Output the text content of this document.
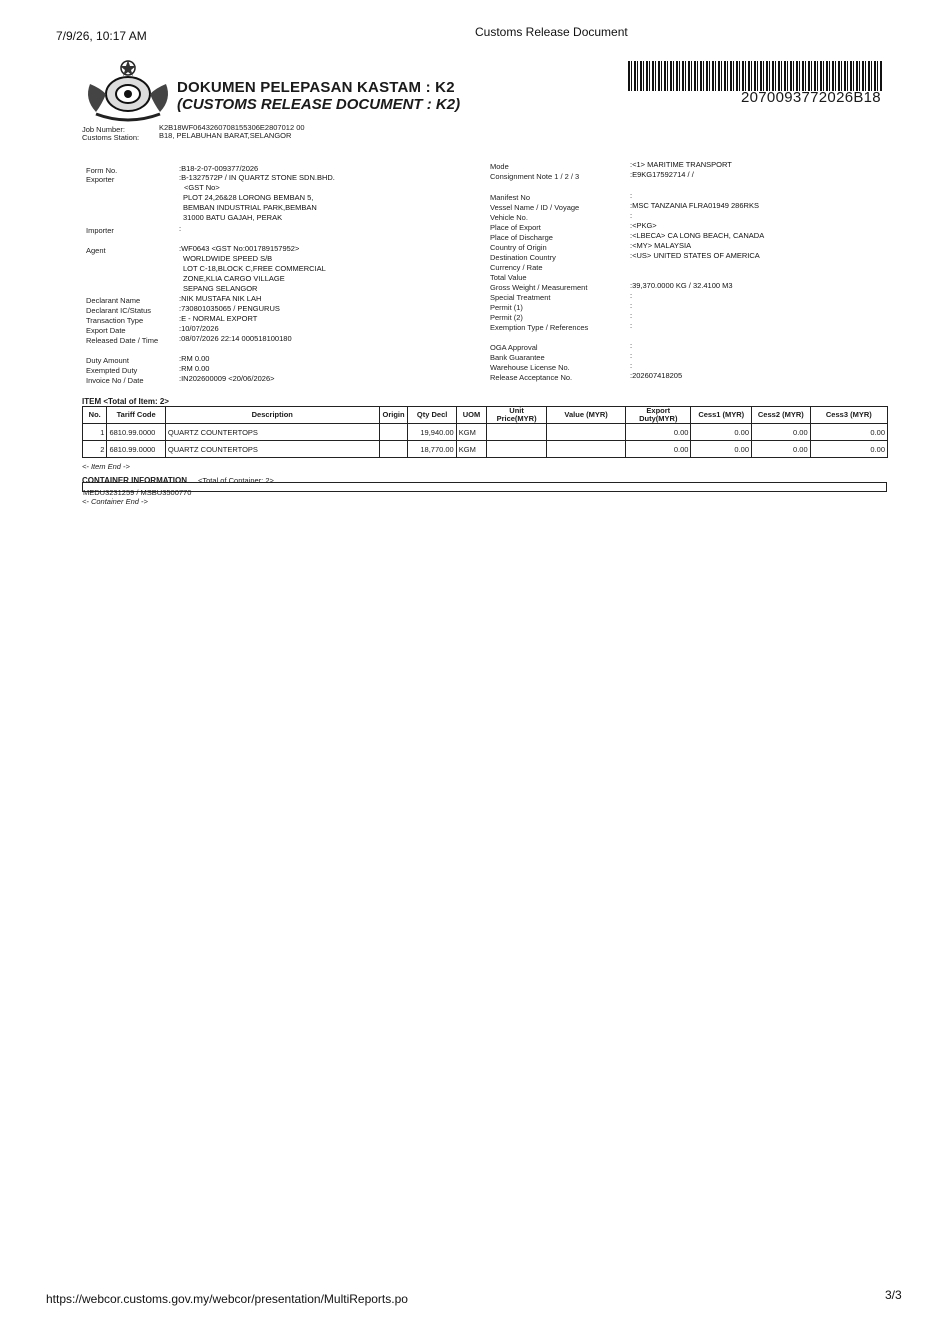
7/9/26, 10:17 AM	Customs Release Document
DOKUMEN PELEPASAN KASTAM : K2
(CUSTOMS RELEASE DOCUMENT : K2)	2070093772026B18
Job Number:	K2B18WF0643260708155306E2807012 00
Customs Station:	B18, PELABUHAN BARAT,SELANGOR
Form No.	:B18-2-07-009377/2026
Exporter	:B-1327572P / IN QUARTZ STONE SDN.BHD.
<GST No>
PLOT 24,26&28 LORONG BEMBAN 5,
BEMBAN INDUSTRIAL PARK,BEMBAN
31000 BATU GAJAH, PERAK
Importer	:
Agent	:WF0643 <GST No:001789157952>
WORLDWIDE SPEED S/B
LOT C-18,BLOCK C,FREE COMMERCIAL
ZONE,KLIA CARGO VILLAGE
SEPANG SELANGOR
Declarant Name	:NIK MUSTAFA NIK LAH
Declarant IC/Status	:730801035065 / PENGURUS
Transaction Type	:E - NORMAL EXPORT
Export Date	:10/07/2026
Released Date / Time	:08/07/2026 22:14 000518100180
Duty Amount	:RM 0.00
Exempted Duty	:RM 0.00
Invoice No / Date	:IN202600009 <20/06/2026>
Mode	:<1> MARITIME TRANSPORT
Consignment Note 1 / 2 / 3	:E9KG17592714 / /
Manifest No	:
Vessel Name / ID / Voyage	:MSC TANZANIA FLRA01949 286RKS
Vehicle No.	:
Place of Export	:<PKG>
Place of Discharge	:<LBECA> CA LONG BEACH, CANADA
Country of Origin	:<MY> MALAYSIA
Destination Country	:<US> UNITED STATES OF AMERICA
Currency / Rate
Total Value
Gross Weight / Measurement	:39,370.0000 KG / 32.4100 M3
Special Treatment	:
Permit (1)	:
Permit (2)	:
Exemption Type / References	:
OGA Approval	:
Bank Guarantee	:
Warehouse License No.	:
Release Acceptance No.	:202607418205
ITEM <Total of Item: 2>
No.	Tariff Code	Description	Origin	Qty Decl	UOM	Unit Price(MYR)	Value (MYR)	Export Duty(MYR)	Cess1 (MYR)	Cess2 (MYR)	Cess3 (MYR)
1	6810.99.0000	QUARTZ COUNTERTOPS		19,940.00	KGM			0.00	0.00	0.00	0.00
2	6810.99.0000	QUARTZ COUNTERTOPS		18,770.00	KGM			0.00	0.00	0.00	0.00
<- Item End ->
CONTAINER INFORMATION <Total of Container: 2>
MEDU3231259 / MSBU3500770
<- Container End ->
https://webcor.customs.gov.my/webcor/presentation/MultiReports.po	3/3
